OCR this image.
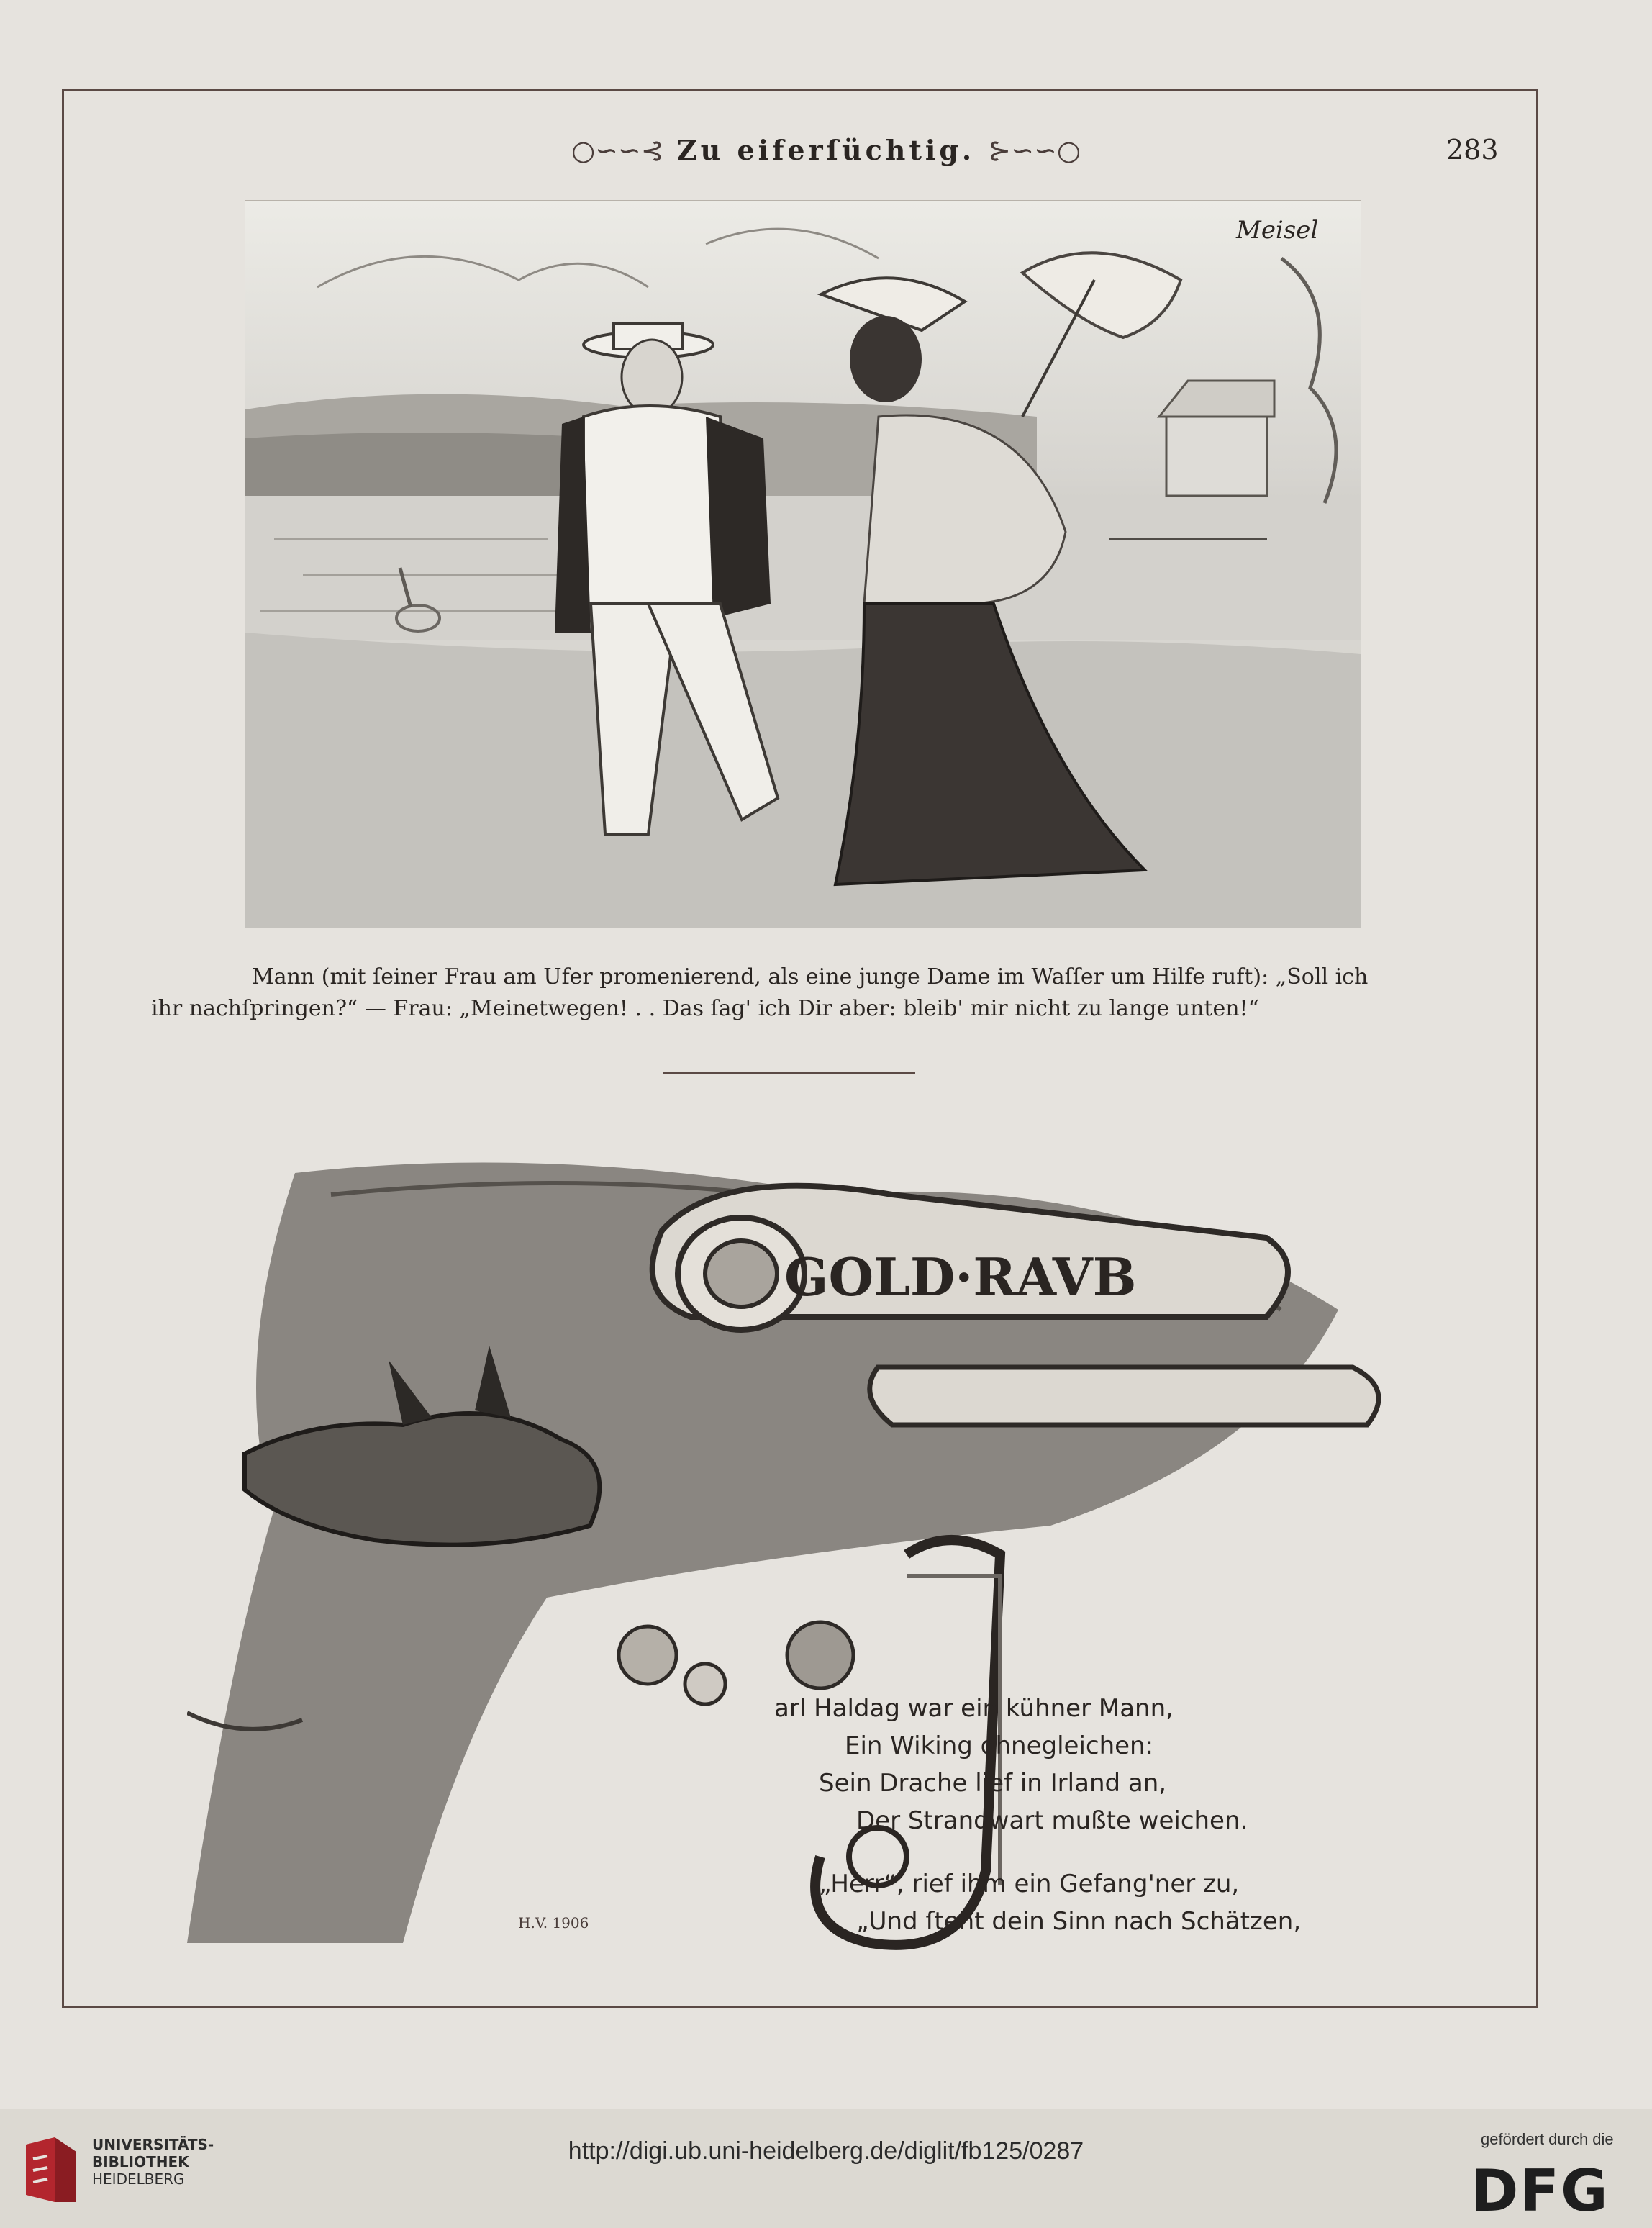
○∽∽⊰ Zu eiferſüchtig. ⊱∽∽○	283
Meisel

Mann (mit ſeiner Frau am Ufer promenierend, als eine junge Dame im Waſſer um Hilfe ruft): „Soll ich

ihr nachſpringen?“ — Frau: „Meinetwegen! . . Das ſag' ich Dir aber: bleib' mir nicht zu lange unten!“

GOLD·RAVB
H.V. 1906
arl Haldag war ein kühner Mann,
Ein Wiking ohnegleichen:
Sein Drache lief in Irland an,
Der Strandwart mußte weichen.
„Herr“, rief ihm ein Gefang'ner zu,
„Und ſteht dein Sinn nach Schätzen,
UNIVERSITÄTS-
BIBLIOTHEK
HEIDELBERG
http://digi.ub.uni-heidelberg.de/diglit/fb125/0287	gefördert durch die
DFG
